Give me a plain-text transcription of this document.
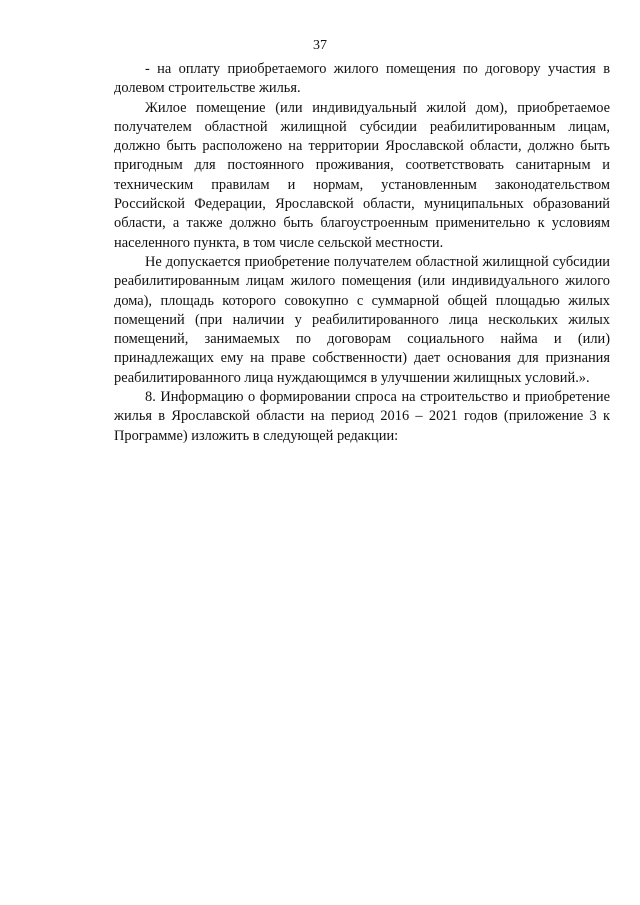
37

- на оплату приобретаемого жилого помещения по договору участия в долевом строительстве жилья.

Жилое помещение (или индивидуальный жилой дом), приобретаемое получателем областной жилищной субсидии реабилитированным лицам, должно быть расположено на территории Ярославской области, должно быть пригодным для постоянного проживания, соответствовать санитарным и техническим правилам и нормам, установленным законодательством Российской Федерации, Ярославской области, муниципальных образований области, а также должно быть благоустроенным применительно к условиям населенного пункта, в том числе сельской местности.

Не допускается приобретение получателем областной жилищной субсидии реабилитированным лицам жилого помещения (или индивидуального жилого дома), площадь которого совокупно с суммарной общей площадью жилых помещений (при наличии у реабилитированного лица нескольких жилых помещений, занимаемых по договорам социального найма и (или) принадлежащих ему на праве собственности) дает основания для признания реабилитированного лица нуждающимся в улучшении жилищных условий.».

8. Информацию о формировании спроса на строительство и приобретение жилья в Ярославской области на период 2016 – 2021 годов (приложение 3 к Программе) изложить в следующей редакции:
